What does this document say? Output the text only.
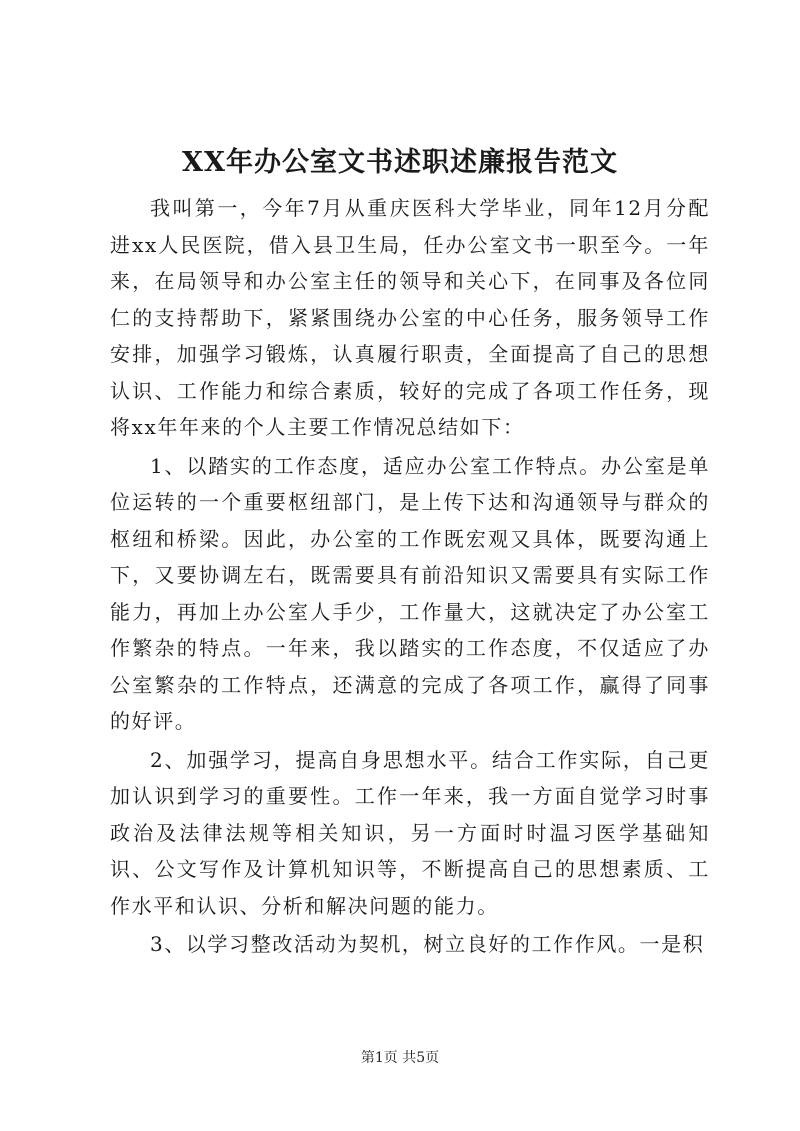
XX年办公室文书述职述廉报告范文

我叫第一，今年7月从重庆医科大学毕业，同年12月分配进xx人民医院，借入县卫生局，任办公室文书一职至今。一年来，在局领导和办公室主任的领导和关心下，在同事及各位同仁的支持帮助下，紧紧围绕办公室的中心任务，服务领导工作安排，加强学习锻炼，认真履行职责，全面提高了自己的思想认识、工作能力和综合素质，较好的完成了各项工作任务，现将xx年年来的个人主要工作情况总结如下：

1、以踏实的工作态度，适应办公室工作特点。办公室是单位运转的一个重要枢纽部门，是上传下达和沟通领导与群众的枢纽和桥梁。因此，办公室的工作既宏观又具体，既要沟通上下，又要协调左右，既需要具有前沿知识又需要具有实际工作能力，再加上办公室人手少，工作量大，这就决定了办公室工作繁杂的特点。一年来，我以踏实的工作态度，不仅适应了办公室繁杂的工作特点，还满意的完成了各项工作，赢得了同事的好评。

2、加强学习，提高自身思想水平。结合工作实际，自己更加认识到学习的重要性。工作一年来，我一方面自觉学习时事政治及法律法规等相关知识，另一方面时时温习医学基础知识、公文写作及计算机知识等，不断提高自己的思想素质、工作水平和认识、分析和解决问题的能力。

3、以学习整改活动为契机，树立良好的工作作风。一是积

第1页 共5页
